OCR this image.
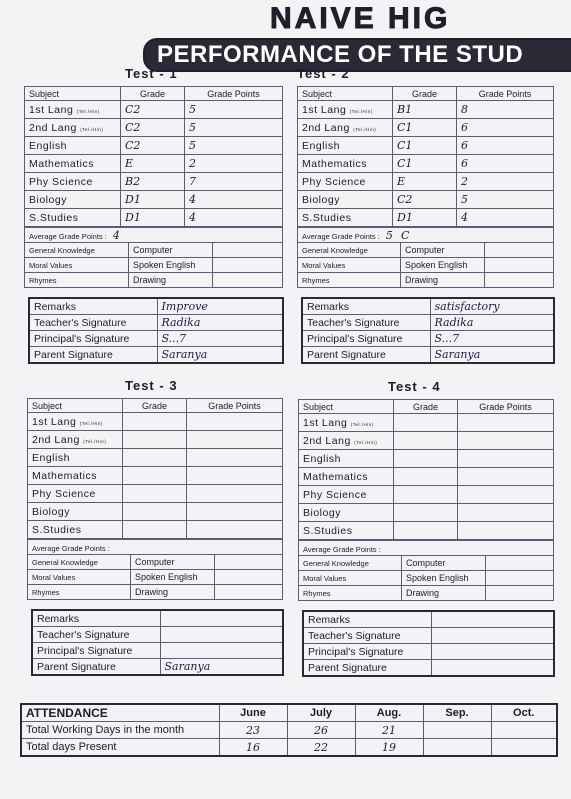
NAIVE HIG
PERFORMANCE OF THE STUD
Test - 1
Subject	Grade	Grade Points
1st Lang (Tel./Hin)	C2	5
2nd Lang (Tel./Hin)	C2	5
English	C2	5
Mathematics	E	2
Phy Science	B2	7
Biology	D1	4
S.Studies	D1	4
Average Grade Points : 4		
General Knowledge	Computer	
Moral Values	Spoken English	
Rhymes	Drawing	
Remarks	Improve
Teacher's Signature	Radika
Principal's Signature	S...7
Parent Signature	Saranya
Test - 2
Subject	Grade	Grade Points
1st Lang (Tel./Hin)	B1	8
2nd Lang (Tel./Hin)	C1	6
English	C1	6
Mathematics	C1	6
Phy Science	E	2
Biology	C2	5
S.Studies	D1	4
Average Grade Points : 5 C		
General Knowledge	Computer	
Moral Values	Spoken English	
Rhymes	Drawing	
Remarks	satisfactory
Teacher's Signature	Radika
Principal's Signature	S...7
Parent Signature	Saranya
Test - 3
Subject	Grade	Grade Points
1st Lang (Tel./Hin)		
2nd Lang (Tel./Hin)		
English		
Mathematics		
Phy Science		
Biology		
S.Studies		
Average Grade Points :		
General Knowledge	Computer	
Moral Values	Spoken English	
Rhymes	Drawing	
Remarks	
Teacher's Signature	
Principal's Signature	
Parent Signature	Saranya
Test - 4
Subject	Grade	Grade Points
1st Lang (Tel./Hin)		
2nd Lang (Tel./Hin)		
English		
Mathematics		
Phy Science		
Biology		
S.Studies		
Average Grade Points :		
General Knowledge	Computer	
Moral Values	Spoken English	
Rhymes	Drawing	
Remarks	
Teacher's Signature	
Principal's Signature	
Parent Signature	
ATTENDANCE	June	July	Aug.	Sep.	Oct.
Total Working Days in the month	23	26	21		
Total days Present	16	22	19		
